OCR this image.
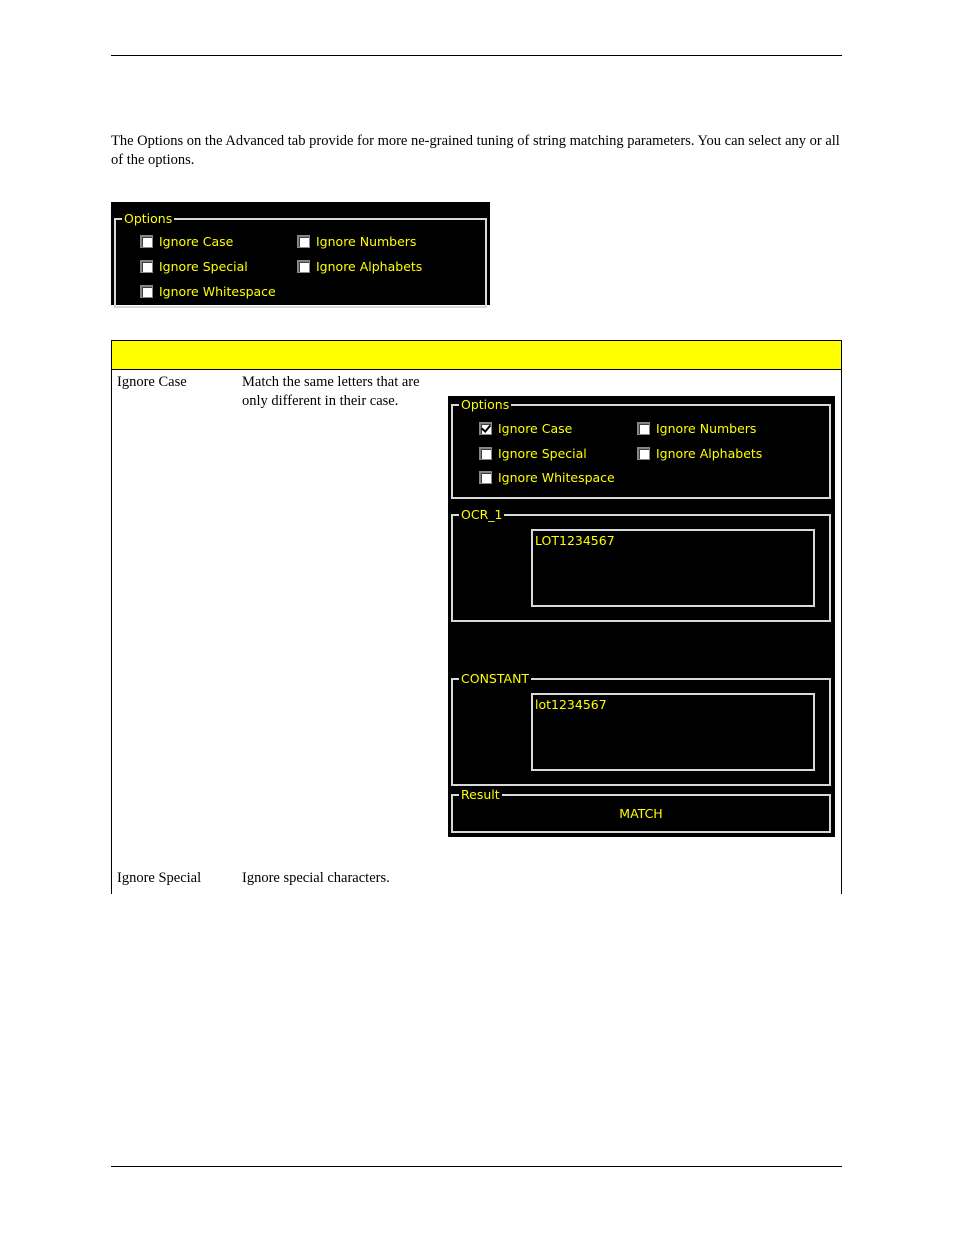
The Options on the Advanced tab provide for more ne-grained tuning of string matching parameters. You can select any or all of the options.
Options
Ignore Case	Ignore Numbers
Ignore Special	Ignore Alphabets
Ignore Whitespace
Ignore Case	Match the same letters that are only different in their case.
Ignore Special	Ignore special characters.
Options
Ignore Case	Ignore Numbers
Ignore Special	Ignore Alphabets
Ignore Whitespace
OCR_1
LOT1234567
CONSTANT
lot1234567
Result
MATCH
